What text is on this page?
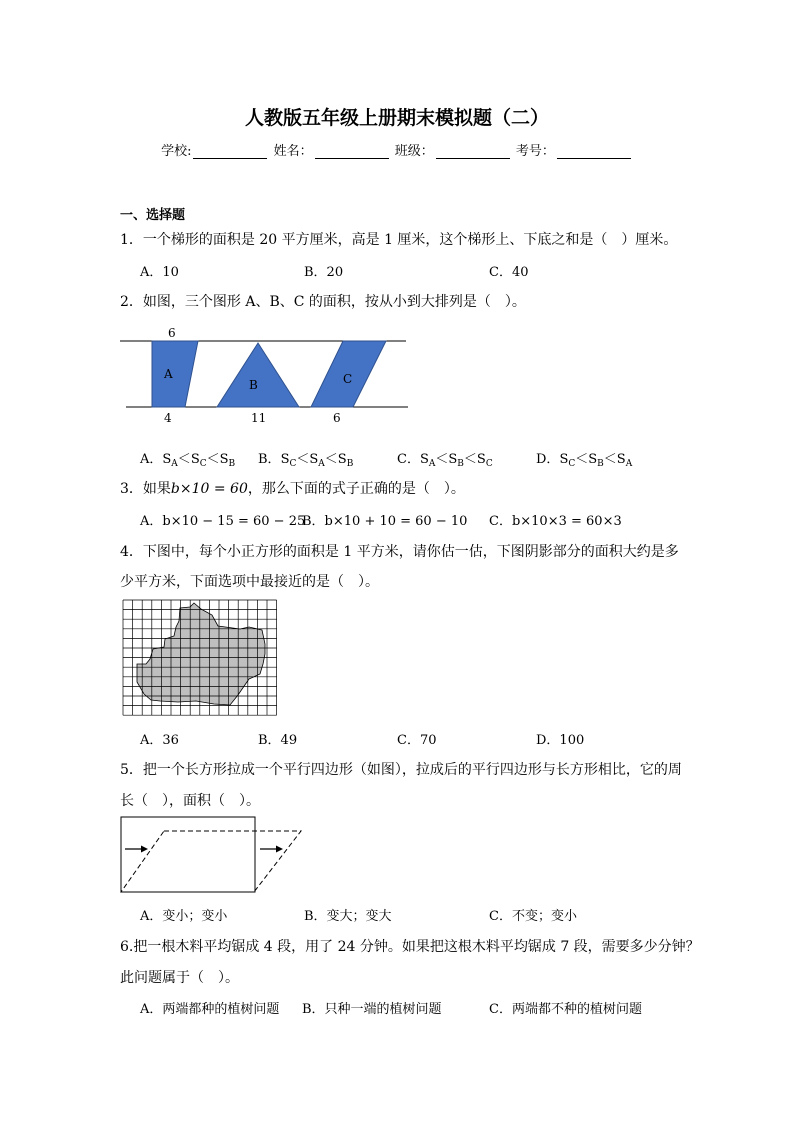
人教版五年级上册期末模拟题（二）
学校:	姓名：	班级：	考号：
一、选择题
1．一个梯形的面积是 20 平方厘米，高是 1 厘米，这个梯形上、下底之和是（　）厘米。
A．10	B．20	C．40
2．如图，三个图形 A、B、C 的面积，按从小到大排列是（　）。
6
A
B	C
4	11	6
A．$S_A<S_C<S_B$ B．$S_C<S_A<S_B$	C．$S_A<S_B<S_C$	D．$S_C<S_B<S_A$
3．如果b×10 = 60，那么下面的式子正确的是（　）。
A．b×10 − 15 = 60 − 25
B．b×10 + 10 = 60 − 10 C．b×10×3 = 60×3
4．下图中，每个小正方形的面积是 1 平方米，请你估一估，下图阴影部分的面积大约是多
少平方米，下面选项中最接近的是（　）。
A．36	B．49	C．70	D．100
5．把一个长方形拉成一个平行四边形（如图），拉成后的平行四边形与长方形相比，它的周
长（　），面积（　）。
A．变小；变小	B．变大；变大	C．不变；变小
6.把一根木料平均锯成 4 段，用了 24 分钟。如果把这根木料平均锯成 7 段，需要多少分钟？
此问题属于（　）。
A．两端都种的植树问题 B．只种一端的植树问题	C．两端都不种的植树问题
